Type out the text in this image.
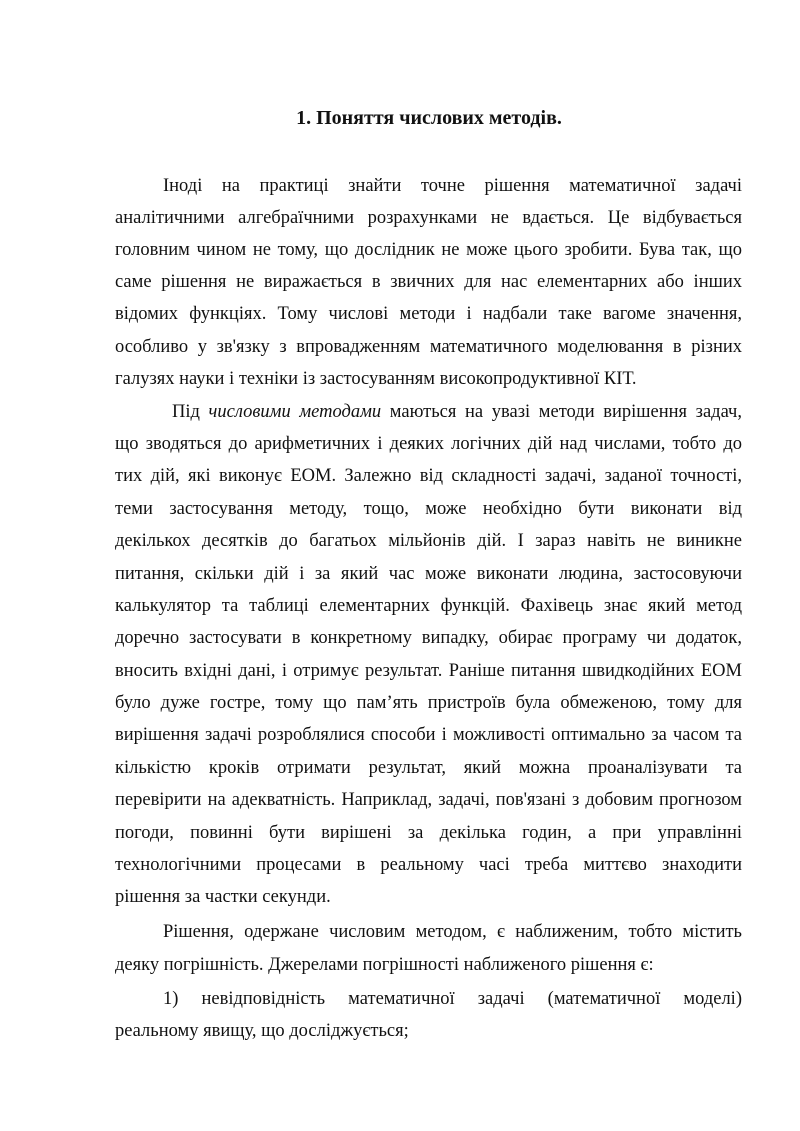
1. Поняття числових методів.
Іноді на практиці знайти точне рішення математичної задачі
аналітичними алгебраїчними розрахунками не вдається. Це відбувається
головним чином не тому, що дослідник не може цього зробити. Бува так, що
саме рішення не виражається в звичних для нас елементарних або інших
відомих функціях. Тому числові методи і надбали таке вагоме значення,
особливо у зв'язку з впровадженням математичного моделювання в різних
галузях науки і техніки із застосуванням високопродуктивної КІТ.
Під числовими методами маються на увазі методи вирішення задач,
що зводяться до арифметичних і деяких логічних дій над числами, тобто до
тих дій, які виконує ЕОМ. Залежно від складності задачі, заданої точності,
теми застосування методу, тощо, може необхідно бути виконати від
декількох десятків до багатьох мільйонів дій. І зараз навіть не виникне
питання, скільки дій і за який час може виконати людина, застосовуючи
калькулятор та таблиці елементарних функцій. Фахівець знає який метод
доречно застосувати в конкретному випадку, обирає програму чи додаток,
вносить вхідні дані, і отримує результат. Раніше питання швидкодійних ЕОМ
було дуже гостре, тому що пам’ять пристроїв була обмеженою, тому для
вирішення задачі розроблялися способи і можливості оптимально за часом та
кількістю кроків отримати результат, який можна проаналізувати та
перевірити на адекватність. Наприклад, задачі, пов'язані з добовим прогнозом
погоди, повинні бути вирішені за декілька годин, а при управлінні
технологічними процесами в реальному часі треба миттєво знаходити
рішення за частки секунди.
Рішення, одержане числовим методом, є наближеним, тобто містить
деяку погрішність. Джерелами погрішності наближеного рішення є:
1) невідповідність математичної задачі (математичної моделі)
реальному явищу, що досліджується;
